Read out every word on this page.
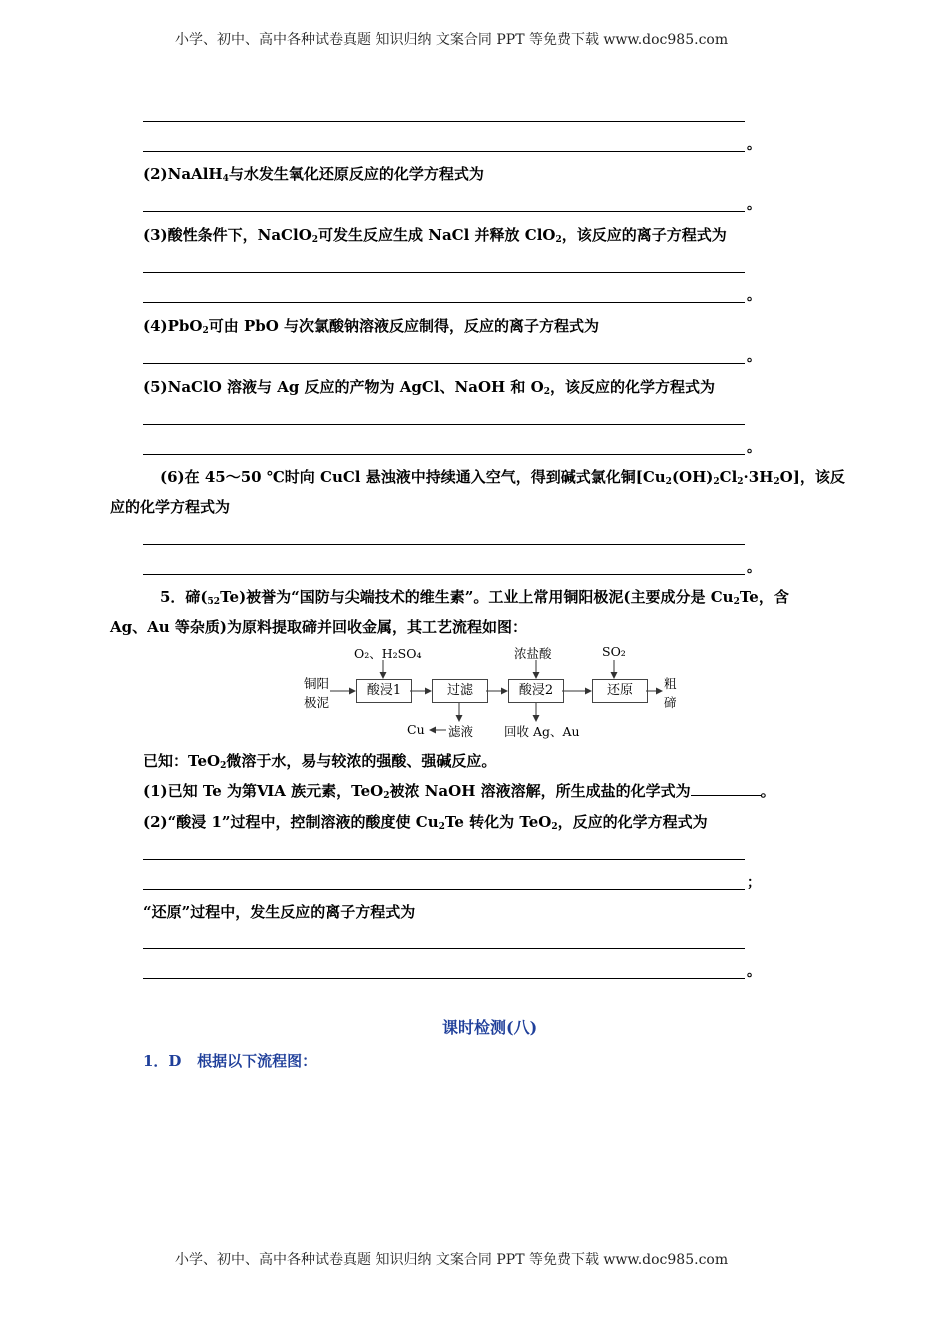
小学、初中、高中各种试卷真题 知识归纳 文案合同 PPT 等免费下载 www.doc985.com
小学、初中、高中各种试卷真题 知识归纳 文案合同 PPT 等免费下载 www.doc985.com
。
(2)NaAlH$_4$与水发生氧化还原反应的化学方程式为
。
(3)酸性条件下，NaClO$_2$可发生反应生成 NaCl 并释放 ClO$_2$，该反应的离子方程式为
。
(4)PbO$_2$可由 PbO 与次氯酸钠溶液反应制得，反应的离子方程式为
。
(5)NaClO 溶液与 Ag 反应的产物为 AgCl、NaOH 和 $O_2$，该反应的化学方程式为
。
(6)在 45～50 ℃时向 CuCl 悬浊液中持续通入空气，得到碱式氯化铜$[Cu_2(OH)_2Cl_2\cdot 3H_2O]$，该反
应的化学方程式为
。
5．碲$(_{52}Te)$被誉为“国防与尖端技术的维生素”。工业上常用铜阳极泥(主要成分是 $Cu_2Te$，含
Ag、Au 等杂质)为原料提取碲并回收金属，其工艺流程如图：
铜阳
极泥
O₂、H₂SO₄
酸浸1	过滤
浓盐酸
酸浸2
SO₂
还原	粗
碲
Cu 滤液 回收 Ag、Au
已知：TeO$_2$微溶于水，易与较浓的强酸、强碱反应。
(1)已知 Te 为第ⅥA 族元素，TeO$_2$被浓 NaOH 溶液溶解，所生成盐的化学式为	。
(2)“酸浸 1”过程中，控制溶液的酸度使 $Cu_2Te$ 转化为 TeO$_2$，反应的化学方程式为
；
“还原”过程中，发生反应的离子方程式为
。
课时检测(八)
1．D 根据以下流程图：
